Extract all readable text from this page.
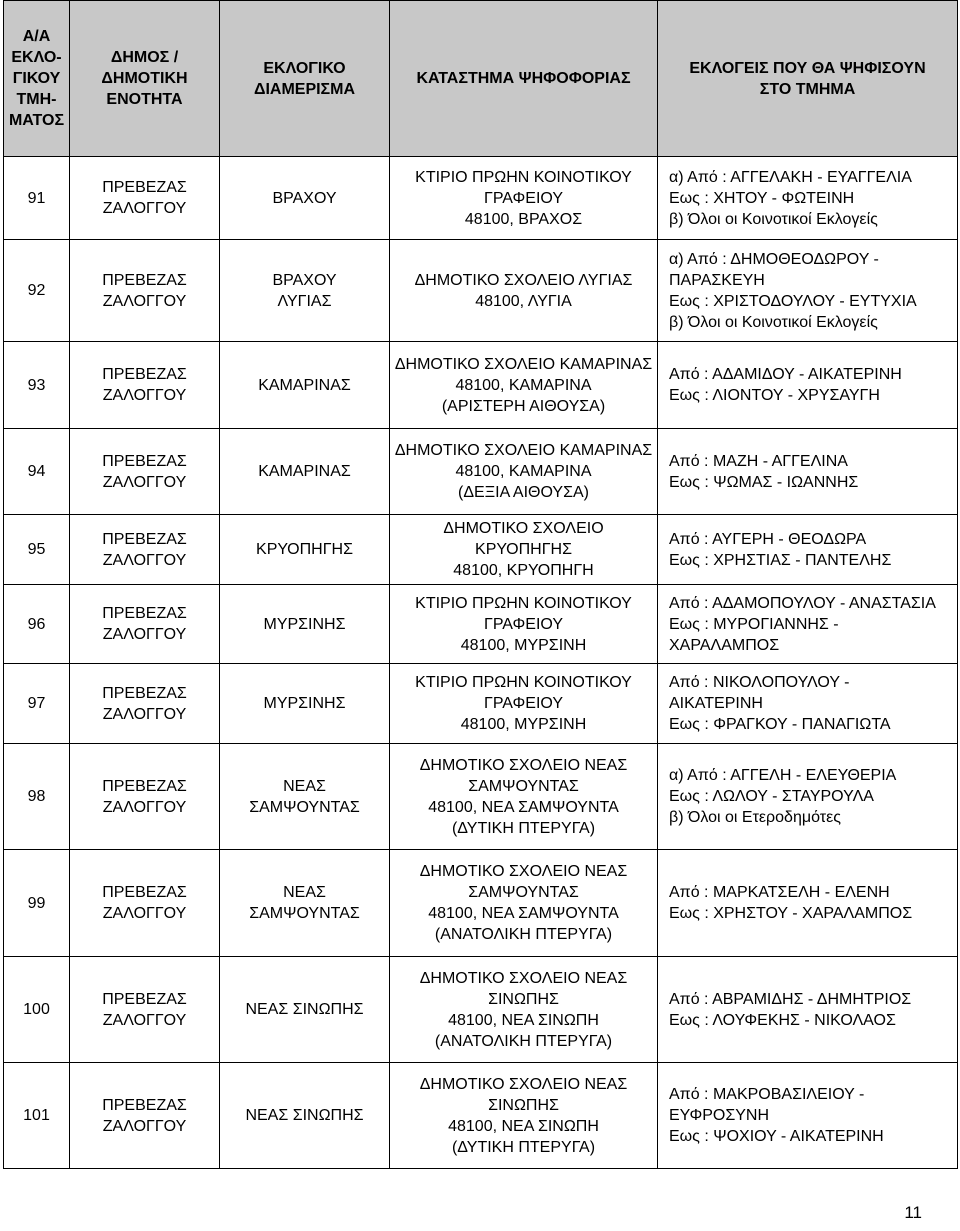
Α/Α
ΕΚΛΟ-
ΓΙΚΟΥ
ΤΜΗ-
ΜΑΤΟΣ	ΔΗΜΟΣ /
ΔΗΜΟΤΙΚΗ
ΕΝΟΤΗΤΑ	ΕΚΛΟΓΙΚΟ
ΔΙΑΜΕΡΙΣΜΑ	ΚΑΤΑΣΤΗΜΑ ΨΗΦΟΦΟΡΙΑΣ	ΕΚΛΟΓΕΙΣ ΠΟΥ ΘΑ ΨΗΦΙΣΟΥΝ
ΣΤΟ ΤΜΗΜΑ

91	ΠΡΕΒΕΖΑΣ
ΖΑΛΟΓΓΟΥ	ΒΡΑΧΟΥ	ΚΤΙΡΙΟ ΠΡΩΗΝ ΚΟΙΝΟΤΙΚΟΥ
ΓΡΑΦΕΙΟΥ
48100, ΒΡΑΧΟΣ	α) Από : ΑΓΓΕΛΑΚΗ - ΕΥΑΓΓΕΛΙΑ
Εως : ΧΗΤΟΥ - ΦΩΤΕΙΝΗ
β) Όλοι οι Κοινοτικοί Εκλογείς

92	ΠΡΕΒΕΖΑΣ
ΖΑΛΟΓΓΟΥ	ΒΡΑΧΟΥ
ΛΥΓΙΑΣ	ΔΗΜΟΤΙΚΟ ΣΧΟΛΕΙΟ ΛΥΓΙΑΣ
48100, ΛΥΓΙΑ	α) Από : ΔΗΜΟΘΕΟΔΩΡΟΥ -
ΠΑΡΑΣΚΕΥΗ
Εως : ΧΡΙΣΤΟΔΟΥΛΟΥ - ΕΥΤΥΧΙΑ
β) Όλοι οι Κοινοτικοί Εκλογείς

93	ΠΡΕΒΕΖΑΣ
ΖΑΛΟΓΓΟΥ	ΚΑΜΑΡΙΝΑΣ	ΔΗΜΟΤΙΚΟ ΣΧΟΛΕΙΟ ΚΑΜΑΡΙΝΑΣ
48100, ΚΑΜΑΡΙΝΑ
(ΑΡΙΣΤΕΡΗ ΑΙΘΟΥΣΑ)	Από : ΑΔΑΜΙΔΟΥ - ΑΙΚΑΤΕΡΙΝΗ
Εως : ΛΙΟΝΤΟΥ - ΧΡΥΣΑΥΓΗ

94	ΠΡΕΒΕΖΑΣ
ΖΑΛΟΓΓΟΥ	ΚΑΜΑΡΙΝΑΣ	ΔΗΜΟΤΙΚΟ ΣΧΟΛΕΙΟ ΚΑΜΑΡΙΝΑΣ
48100, ΚΑΜΑΡΙΝΑ
(ΔΕΞΙΑ ΑΙΘΟΥΣΑ)	Από : ΜΑΖΗ - ΑΓΓΕΛΙΝΑ
Εως : ΨΩΜΑΣ - ΙΩΑΝΝΗΣ

95	ΠΡΕΒΕΖΑΣ
ΖΑΛΟΓΓΟΥ	ΚΡΥΟΠΗΓΗΣ	ΔΗΜΟΤΙΚΟ ΣΧΟΛΕΙΟ ΚΡΥΟΠΗΓΗΣ
48100, ΚΡΥΟΠΗΓΗ	Από : ΑΥΓΕΡΗ - ΘΕΟΔΩΡΑ
Εως : ΧΡΗΣΤΙΑΣ - ΠΑΝΤΕΛΗΣ

96	ΠΡΕΒΕΖΑΣ
ΖΑΛΟΓΓΟΥ	ΜΥΡΣΙΝΗΣ	ΚΤΙΡΙΟ ΠΡΩΗΝ ΚΟΙΝΟΤΙΚΟΥ
ΓΡΑΦΕΙΟΥ
48100, ΜΥΡΣΙΝΗ	Από : ΑΔΑΜΟΠΟΥΛΟΥ - ΑΝΑΣΤΑΣΙΑ
Εως : ΜΥΡΟΓΙΑΝΝΗΣ -
ΧΑΡΑΛΑΜΠΟΣ

97	ΠΡΕΒΕΖΑΣ
ΖΑΛΟΓΓΟΥ	ΜΥΡΣΙΝΗΣ	ΚΤΙΡΙΟ ΠΡΩΗΝ ΚΟΙΝΟΤΙΚΟΥ
ΓΡΑΦΕΙΟΥ
48100, ΜΥΡΣΙΝΗ	Από : ΝΙΚΟΛΟΠΟΥΛΟΥ -
ΑΙΚΑΤΕΡΙΝΗ
Εως : ΦΡΑΓΚΟΥ - ΠΑΝΑΓΙΩΤΑ

98	ΠΡΕΒΕΖΑΣ
ΖΑΛΟΓΓΟΥ	ΝΕΑΣ
ΣΑΜΨΟΥΝΤΑΣ	ΔΗΜΟΤΙΚΟ ΣΧΟΛΕΙΟ ΝΕΑΣ
ΣΑΜΨΟΥΝΤΑΣ
48100, ΝΕΑ ΣΑΜΨΟΥΝΤΑ
(ΔΥΤΙΚΗ ΠΤΕΡΥΓΑ)	α) Από : ΑΓΓΕΛΗ - ΕΛΕΥΘΕΡΙΑ
Εως : ΛΩΛΟΥ - ΣΤΑΥΡΟΥΛΑ
β) Όλοι οι Ετεροδημότες

99	ΠΡΕΒΕΖΑΣ
ΖΑΛΟΓΓΟΥ	ΝΕΑΣ
ΣΑΜΨΟΥΝΤΑΣ	ΔΗΜΟΤΙΚΟ ΣΧΟΛΕΙΟ ΝΕΑΣ
ΣΑΜΨΟΥΝΤΑΣ
48100, ΝΕΑ ΣΑΜΨΟΥΝΤΑ
(ΑΝΑΤΟΛΙΚΗ ΠΤΕΡΥΓΑ)	Από : ΜΑΡΚΑΤΣΕΛΗ - ΕΛΕΝΗ
Εως : ΧΡΗΣΤΟΥ - ΧΑΡΑΛΑΜΠΟΣ

100	ΠΡΕΒΕΖΑΣ
ΖΑΛΟΓΓΟΥ	ΝΕΑΣ ΣΙΝΩΠΗΣ	ΔΗΜΟΤΙΚΟ ΣΧΟΛΕΙΟ ΝΕΑΣ
ΣΙΝΩΠΗΣ
48100, ΝΕΑ ΣΙΝΩΠΗ
(ΑΝΑΤΟΛΙΚΗ ΠΤΕΡΥΓΑ)	Από : ΑΒΡΑΜΙΔΗΣ - ΔΗΜΗΤΡΙΟΣ
Εως : ΛΟΥΦΕΚΗΣ - ΝΙΚΟΛΑΟΣ

101	ΠΡΕΒΕΖΑΣ
ΖΑΛΟΓΓΟΥ	ΝΕΑΣ ΣΙΝΩΠΗΣ	ΔΗΜΟΤΙΚΟ ΣΧΟΛΕΙΟ ΝΕΑΣ
ΣΙΝΩΠΗΣ
48100, ΝΕΑ ΣΙΝΩΠΗ
(ΔΥΤΙΚΗ ΠΤΕΡΥΓΑ)	Από : ΜΑΚΡΟΒΑΣΙΛΕΙΟΥ -
ΕΥΦΡΟΣΥΝΗ
Εως : ΨΟΧΙΟΥ - ΑΙΚΑΤΕΡΙΝΗ
11
